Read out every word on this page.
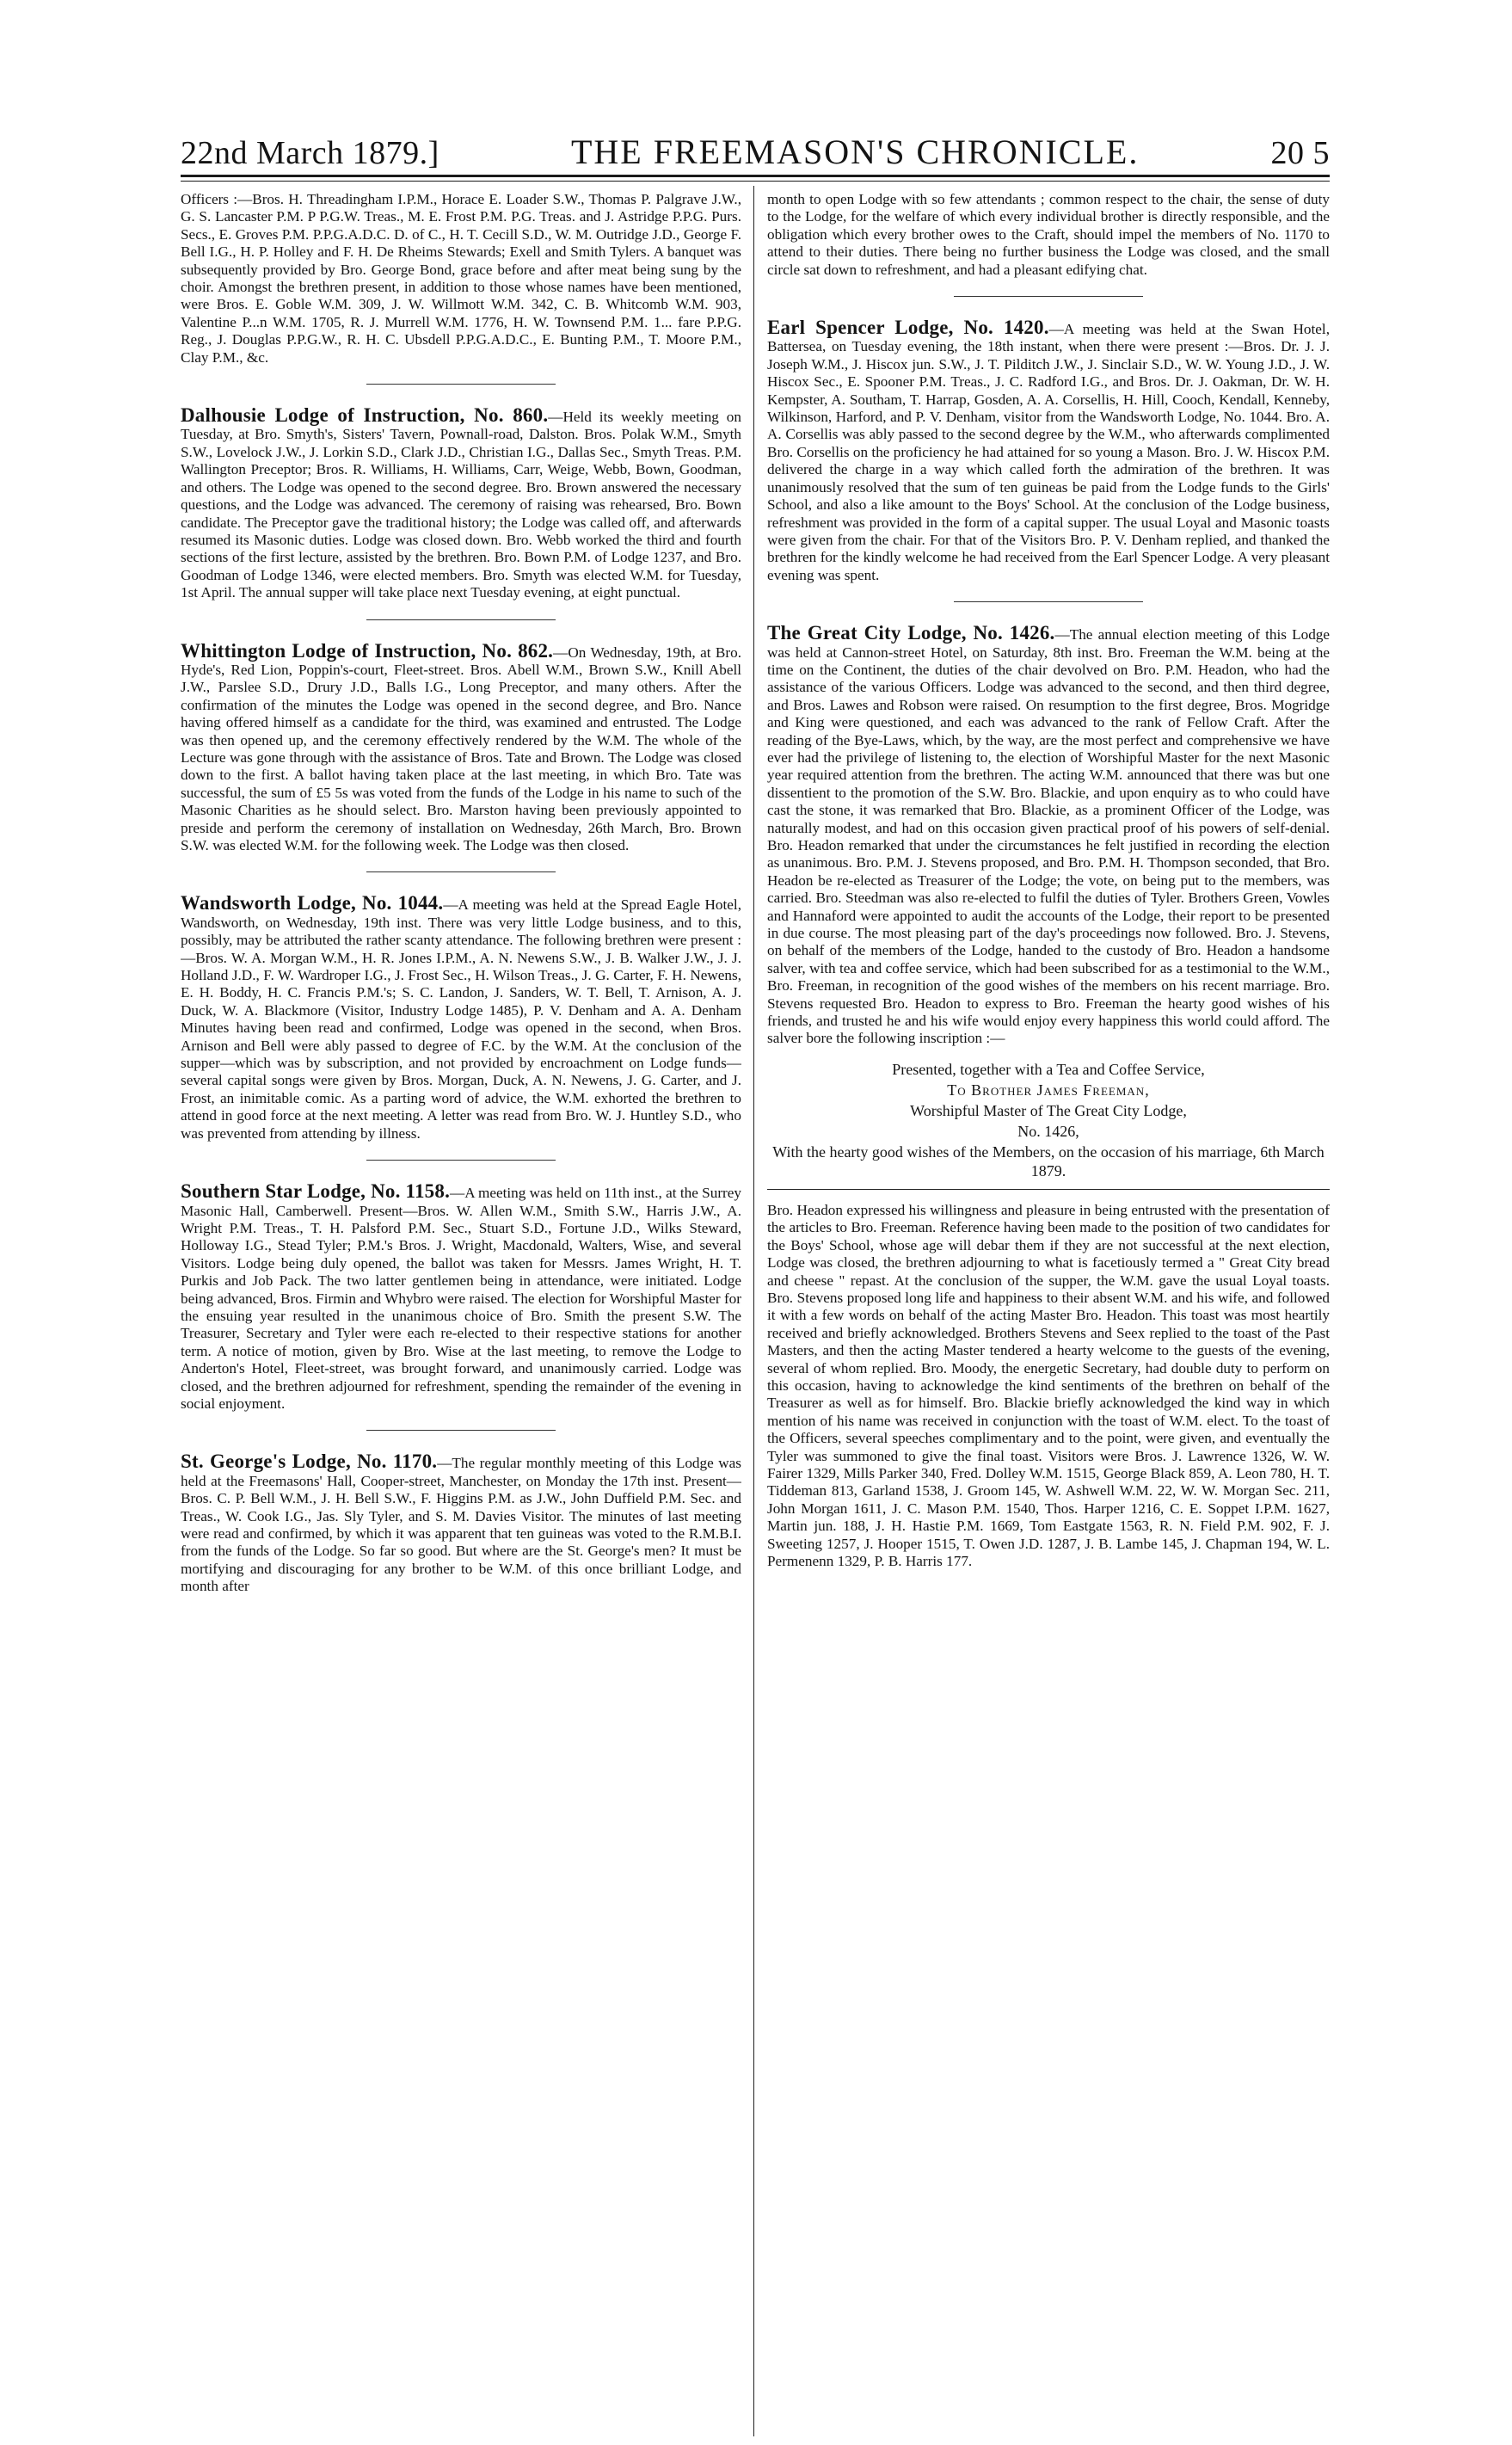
22nd March 1879.]	THE FREEMASON'S CHRONICLE.	20 5

Officers :—Bros. H. Threadingham I.P.M., Horace E. Loader S.W., Thomas P. Palgrave J.W., G. S. Lancaster P.M. P P.G.W. Treas., M. E. Frost P.M. P.G. Treas. and J. Astridge P.P.G. Purs. Secs., E. Groves P.M. P.P.G.A.D.C. D. of C., H. T. Cecill S.D., W. M. Outridge J.D., George F. Bell I.G., H. P. Holley and F. H. De Rheims Stewards; Exell and Smith Tylers. A banquet was subsequently provided by Bro. George Bond, grace before and after meat being sung by the choir. Amongst the brethren present, in addition to those whose names have been mentioned, were Bros. E. Goble W.M. 309, J. W. Willmott W.M. 342, C. B. Whitcomb W.M. 903, Valentine P...n W.M. 1705, R. J. Murrell W.M. 1776, H. W. Townsend P.M. 1... fare P.P.G. Reg., J. Douglas P.P.G.W., R. H. C. Ubsdell P.P.G.A.D.C., E. Bunting P.M., T. Moore P.M., Clay P.M., &c.

Dalhousie Lodge of Instruction, No. 860.—Held its weekly meeting on Tuesday, at Bro. Smyth's, Sisters' Tavern, Pownall-road, Dalston. Bros. Polak W.M., Smyth S.W., Lovelock J.W., J. Lorkin S.D., Clark J.D., Christian I.G., Dallas Sec., Smyth Treas. P.M. Wallington Preceptor; Bros. R. Williams, H. Williams, Carr, Weige, Webb, Bown, Goodman, and others. The Lodge was opened to the second degree. Bro. Brown answered the necessary questions, and the Lodge was advanced. The ceremony of raising was rehearsed, Bro. Bown candidate. The Preceptor gave the traditional history; the Lodge was called off, and afterwards resumed its Masonic duties. Lodge was closed down. Bro. Webb worked the third and fourth sections of the first lecture, assisted by the brethren. Bro. Bown P.M. of Lodge 1237, and Bro. Goodman of Lodge 1346, were elected members. Bro. Smyth was elected W.M. for Tuesday, 1st April. The annual supper will take place next Tuesday evening, at eight punctual.

Whittington Lodge of Instruction, No. 862.—On Wednesday, 19th, at Bro. Hyde's, Red Lion, Poppin's-court, Fleet-street. Bros. Abell W.M., Brown S.W., Knill Abell J.W., Parslee S.D., Drury J.D., Balls I.G., Long Preceptor, and many others. After the confirmation of the minutes the Lodge was opened in the second degree, and Bro. Nance having offered himself as a candidate for the third, was examined and entrusted. The Lodge was then opened up, and the ceremony effectively rendered by the W.M. The whole of the Lecture was gone through with the assistance of Bros. Tate and Brown. The Lodge was closed down to the first. A ballot having taken place at the last meeting, in which Bro. Tate was successful, the sum of £5 5s was voted from the funds of the Lodge in his name to such of the Masonic Charities as he should select. Bro. Marston having been previously appointed to preside and perform the ceremony of installation on Wednesday, 26th March, Bro. Brown S.W. was elected W.M. for the following week. The Lodge was then closed.

Wandsworth Lodge, No. 1044.—A meeting was held at the Spread Eagle Hotel, Wandsworth, on Wednesday, 19th inst. There was very little Lodge business, and to this, possibly, may be attributed the rather scanty attendance. The following brethren were present :—Bros. W. A. Morgan W.M., H. R. Jones I.P.M., A. N. Newens S.W., J. B. Walker J.W., J. J. Holland J.D., F. W. Wardroper I.G., J. Frost Sec., H. Wilson Treas., J. G. Carter, F. H. Newens, E. H. Boddy, H. C. Francis P.M.'s; S. C. Landon, J. Sanders, W. T. Bell, T. Arnison, A. J. Duck, W. A. Blackmore (Visitor, Industry Lodge 1485), P. V. Denham and A. A. Denham Minutes having been read and confirmed, Lodge was opened in the second, when Bros. Arnison and Bell were ably passed to degree of F.C. by the W.M. At the conclusion of the supper—which was by subscription, and not provided by encroachment on Lodge funds—several capital songs were given by Bros. Morgan, Duck, A. N. Newens, J. G. Carter, and J. Frost, an inimitable comic. As a parting word of advice, the W.M. exhorted the brethren to attend in good force at the next meeting. A letter was read from Bro. W. J. Huntley S.D., who was prevented from attending by illness.

Southern Star Lodge, No. 1158.—A meeting was held on 11th inst., at the Surrey Masonic Hall, Camberwell. Present—Bros. W. Allen W.M., Smith S.W., Harris J.W., A. Wright P.M. Treas., T. H. Palsford P.M. Sec., Stuart S.D., Fortune J.D., Wilks Steward, Holloway I.G., Stead Tyler; P.M.'s Bros. J. Wright, Macdonald, Walters, Wise, and several Visitors. Lodge being duly opened, the ballot was taken for Messrs. James Wright, H. T. Purkis and Job Pack. The two latter gentlemen being in attendance, were initiated. Lodge being advanced, Bros. Firmin and Whybro were raised. The election for Worshipful Master for the ensuing year resulted in the unanimous choice of Bro. Smith the present S.W. The Treasurer, Secretary and Tyler were each re-elected to their respective stations for another term. A notice of motion, given by Bro. Wise at the last meeting, to remove the Lodge to Anderton's Hotel, Fleet-street, was brought forward, and unanimously carried. Lodge was closed, and the brethren adjourned for refreshment, spending the remainder of the evening in social enjoyment.

St. George's Lodge, No. 1170.—The regular monthly meeting of this Lodge was held at the Freemasons' Hall, Cooper-street, Manchester, on Monday the 17th inst. Present—Bros. C. P. Bell W.M., J. H. Bell S.W., F. Higgins P.M. as J.W., John Duffield P.M. Sec. and Treas., W. Cook I.G., Jas. Sly Tyler, and S. M. Davies Visitor. The minutes of last meeting were read and confirmed, by which it was apparent that ten guineas was voted to the R.M.B.I. from the funds of the Lodge. So far so good. But where are the St. George's men? It must be mortifying and discouraging for any brother to be W.M. of this once brilliant Lodge, and month after

month to open Lodge with so few attendants ; common respect to the chair, the sense of duty to the Lodge, for the welfare of which every individual brother is directly responsible, and the obligation which every brother owes to the Craft, should impel the members of No. 1170 to attend to their duties. There being no further business the Lodge was closed, and the small circle sat down to refreshment, and had a pleasant edifying chat.

Earl Spencer Lodge, No. 1420.—A meeting was held at the Swan Hotel, Battersea, on Tuesday evening, the 18th instant, when there were present :—Bros. Dr. J. J. Joseph W.M., J. Hiscox jun. S.W., J. T. Pilditch J.W., J. Sinclair S.D., W. W. Young J.D., J. W. Hiscox Sec., E. Spooner P.M. Treas., J. C. Radford I.G., and Bros. Dr. J. Oakman, Dr. W. H. Kempster, A. Southam, T. Harrap, Gosden, A. A. Corsellis, H. Hill, Cooch, Kendall, Kenneby, Wilkinson, Harford, and P. V. Denham, visitor from the Wandsworth Lodge, No. 1044. Bro. A. A. Corsellis was ably passed to the second degree by the W.M., who afterwards complimented Bro. Corsellis on the proficiency he had attained for so young a Mason. Bro. J. W. Hiscox P.M. delivered the charge in a way which called forth the admiration of the brethren. It was unanimously resolved that the sum of ten guineas be paid from the Lodge funds to the Girls' School, and also a like amount to the Boys' School. At the conclusion of the Lodge business, refreshment was provided in the form of a capital supper. The usual Loyal and Masonic toasts were given from the chair. For that of the Visitors Bro. P. V. Denham replied, and thanked the brethren for the kindly welcome he had received from the Earl Spencer Lodge. A very pleasant evening was spent.

The Great City Lodge, No. 1426.—The annual election meeting of this Lodge was held at Cannon-street Hotel, on Saturday, 8th inst. Bro. Freeman the W.M. being at the time on the Continent, the duties of the chair devolved on Bro. P.M. Headon, who had the assistance of the various Officers. Lodge was advanced to the second, and then third degree, and Bros. Lawes and Robson were raised. On resumption to the first degree, Bros. Mogridge and King were questioned, and each was advanced to the rank of Fellow Craft. After the reading of the Bye-Laws, which, by the way, are the most perfect and comprehensive we have ever had the privilege of listening to, the election of Worshipful Master for the next Masonic year required attention from the brethren. The acting W.M. announced that there was but one dissentient to the promotion of the S.W. Bro. Blackie, and upon enquiry as to who could have cast the stone, it was remarked that Bro. Blackie, as a prominent Officer of the Lodge, was naturally modest, and had on this occasion given practical proof of his powers of self-denial. Bro. Headon remarked that under the circumstances he felt justified in recording the election as unanimous. Bro. P.M. J. Stevens proposed, and Bro. P.M. H. Thompson seconded, that Bro. Headon be re-elected as Treasurer of the Lodge; the vote, on being put to the members, was carried. Bro. Steedman was also re-elected to fulfil the duties of Tyler. Brothers Green, Vowles and Hannaford were appointed to audit the accounts of the Lodge, their report to be presented in due course. The most pleasing part of the day's proceedings now followed. Bro. J. Stevens, on behalf of the members of the Lodge, handed to the custody of Bro. Headon a handsome salver, with tea and coffee service, which had been subscribed for as a testimonial to the W.M., Bro. Freeman, in recognition of the good wishes of the members on his recent marriage. Bro. Stevens requested Bro. Headon to express to Bro. Freeman the hearty good wishes of his friends, and trusted he and his wife would enjoy every happiness this world could afford. The salver bore the following inscription :—

Presented, together with a Tea and Coffee Service,
To Brother James Freeman,
Worshipful Master of The Great City Lodge,
No. 1426,
With the hearty good wishes of the Members, on the occasion of his marriage, 6th March 1879.

Bro. Headon expressed his willingness and pleasure in being entrusted with the presentation of the articles to Bro. Freeman. Reference having been made to the position of two candidates for the Boys' School, whose age will debar them if they are not successful at the next election, Lodge was closed, the brethren adjourning to what is facetiously termed a " Great City bread and cheese " repast. At the conclusion of the supper, the W.M. gave the usual Loyal toasts. Bro. Stevens proposed long life and happiness to their absent W.M. and his wife, and followed it with a few words on behalf of the acting Master Bro. Headon. This toast was most heartily received and briefly acknowledged. Brothers Stevens and Seex replied to the toast of the Past Masters, and then the acting Master tendered a hearty welcome to the guests of the evening, several of whom replied. Bro. Moody, the energetic Secretary, had double duty to perform on this occasion, having to acknowledge the kind sentiments of the brethren on behalf of the Treasurer as well as for himself. Bro. Blackie briefly acknowledged the kind way in which mention of his name was received in conjunction with the toast of W.M. elect. To the toast of the Officers, several speeches complimentary and to the point, were given, and eventually the Tyler was summoned to give the final toast. Visitors were Bros. J. Lawrence 1326, W. W. Fairer 1329, Mills Parker 340, Fred. Dolley W.M. 1515, George Black 859, A. Leon 780, H. T. Tiddeman 813, Garland 1538, J. Groom 145, W. Ashwell W.M. 22, W. W. Morgan Sec. 211, John Morgan 1611, J. C. Mason P.M. 1540, Thos. Harper 1216, C. E. Soppet I.P.M. 1627, Martin jun. 188, J. H. Hastie P.M. 1669, Tom Eastgate 1563, R. N. Field P.M. 902, F. J. Sweeting 1257, J. Hooper 1515, T. Owen J.D. 1287, J. B. Lambe 145, J. Chapman 194, W. L. Permenenn 1329, P. B. Harris 177.
